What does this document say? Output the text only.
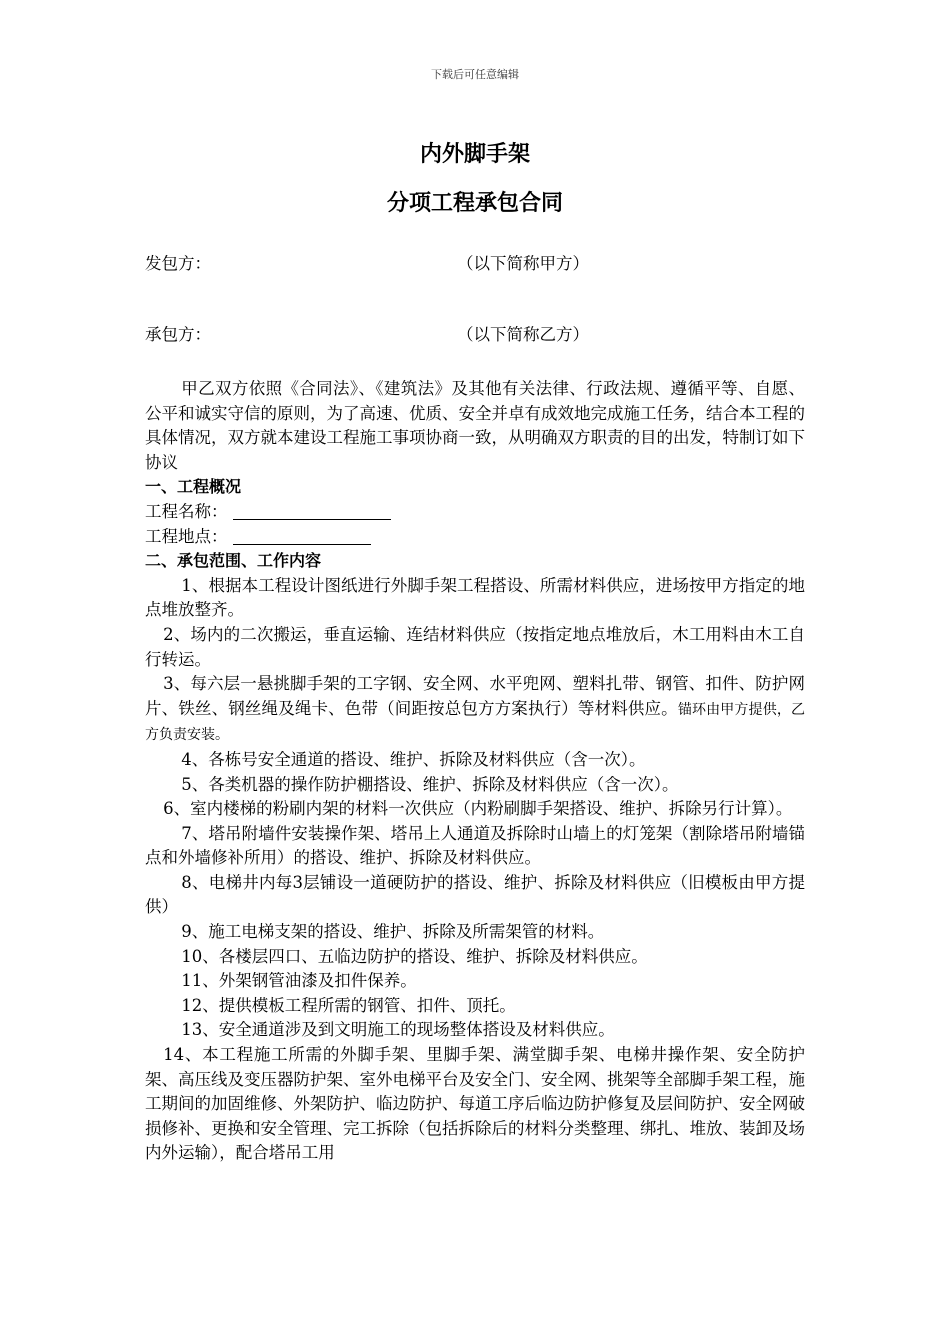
下载后可任意编辑
内外脚手架
分项工程承包合同
发包方：	（以下简称甲方）
承包方：	（以下简称乙方）

甲乙双方依照《合同法》、《建筑法》及其他有关法律、行政法规、遵循平等、自愿、公平和诚实守信的原则，为了高速、优质、安全并卓有成效地完成施工任务，结合本工程的具体情况，双方就本建设工程施工事项协商一致，从明确双方职责的目的出发，特制订如下协议

一、工程概况

工程名称：

工程地点：

二、承包范围、工作内容

1、根据本工程设计图纸进行外脚手架工程搭设、所需材料供应，进场按甲方指定的地点堆放整齐。

2、场内的二次搬运，垂直运输、连结材料供应（按指定地点堆放后，木工用料由木工自行转运。

3、每六层一悬挑脚手架的工字钢、安全网、水平兜网、塑料扎带、钢管、扣件、防护网片、铁丝、钢丝绳及绳卡、色带（间距按总包方方案执行）等材料供应。锚环由甲方提供，乙方负责安装。

4、各栋号安全通道的搭设、维护、拆除及材料供应（含一次）。

5、各类机器的操作防护棚搭设、维护、拆除及材料供应（含一次）。

6、室内楼梯的粉刷内架的材料一次供应（内粉刷脚手架搭设、维护、拆除另行计算）。

7、塔吊附墙件安装操作架、塔吊上人通道及拆除时山墙上的灯笼架（割除塔吊附墙锚点和外墙修补所用）的搭设、维护、拆除及材料供应。

8、电梯井内每3层铺设一道硬防护的搭设、维护、拆除及材料供应（旧模板由甲方提供）

9、施工电梯支架的搭设、维护、拆除及所需架管的材料。

10、各楼层四口、五临边防护的搭设、维护、拆除及材料供应。

11、外架钢管油漆及扣件保养。

12、提供模板工程所需的钢管、扣件、顶托。

13、安全通道涉及到文明施工的现场整体搭设及材料供应。

14、本工程施工所需的外脚手架、里脚手架、满堂脚手架、电梯井操作架、安全防护架、高压线及变压器防护架、室外电梯平台及安全门、安全网、挑架等全部脚手架工程，施工期间的加固维修、外架防护、临边防护、每道工序后临边防护修复及层间防护、安全网破损修补、更换和安全管理、完工拆除（包括拆除后的材料分类整理、绑扎、堆放、装卸及场内外运输），配合塔吊工用
